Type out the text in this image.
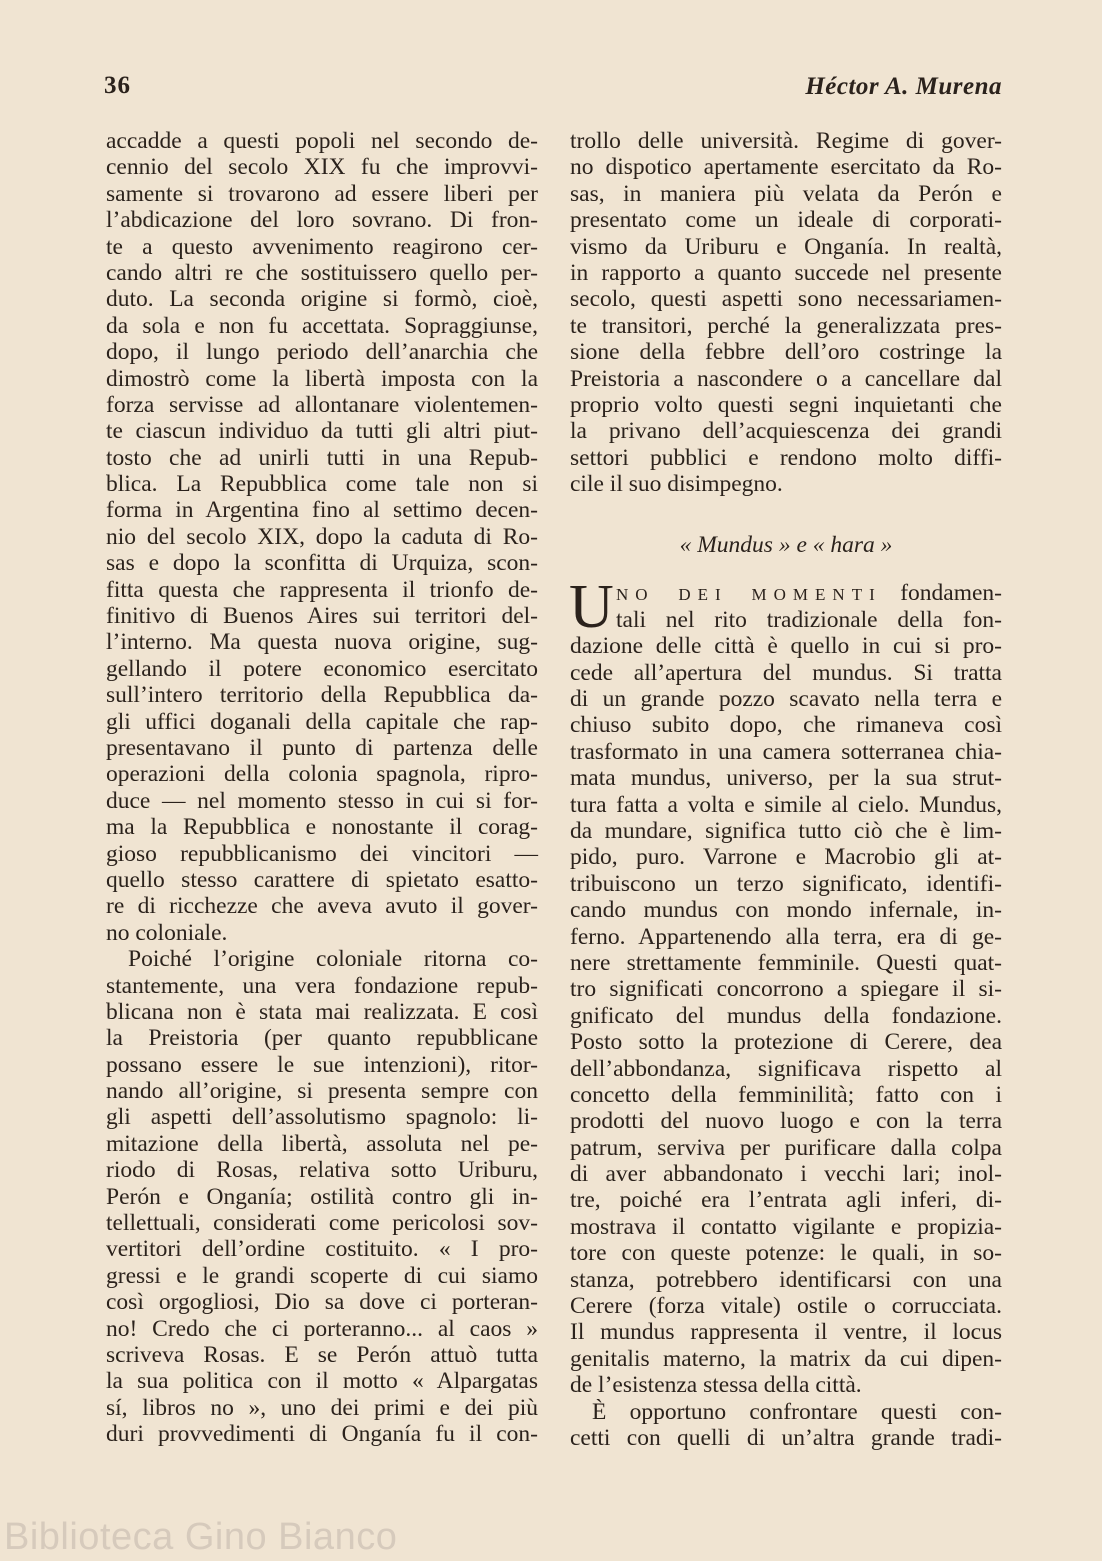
36	Héctor A. Murena
accadde a questi popoli nel secondo de-
cennio del secolo XIX fu che improvvi-
samente si trovarono ad essere liberi per
l’abdicazione del loro sovrano. Di fron-
te a questo avvenimento reagirono cer-
cando altri re che sostituissero quello per-
duto. La seconda origine si formò, cioè,
da sola e non fu accettata. Sopraggiunse,
dopo, il lungo periodo dell’anarchia che
dimostrò come la libertà imposta con la
forza servisse ad allontanare violentemen-
te ciascun individuo da tutti gli altri piut-
tosto che ad unirli tutti in una Repub-
blica. La Repubblica come tale non si
forma in Argentina fino al settimo decen-
nio del secolo XIX, dopo la caduta di Ro-
sas e dopo la sconfitta di Urquiza, scon-
fitta questa che rappresenta il trionfo de-
finitivo di Buenos Aires sui territori del-
l’interno. Ma questa nuova origine, sug-
gellando il potere economico esercitato
sull’intero territorio della Repubblica da-
gli uffici doganali della capitale che rap-
presentavano il punto di partenza delle
operazioni della colonia spagnola, ripro-
duce — nel momento stesso in cui si for-
ma la Repubblica e nonostante il corag-
gioso repubblicanismo dei vincitori —
quello stesso carattere di spietato esatto-
re di ricchezze che aveva avuto il gover-
no coloniale.
Poiché l’origine coloniale ritorna co-
stantemente, una vera fondazione repub-
blicana non è stata mai realizzata. E così
la Preistoria (per quanto repubblicane
possano essere le sue intenzioni), ritor-
nando all’origine, si presenta sempre con
gli aspetti dell’assolutismo spagnolo: li-
mitazione della libertà, assoluta nel pe-
riodo di Rosas, relativa sotto Uriburu,
Perón e Onganía; ostilità contro gli in-
tellettuali, considerati come pericolosi sov-
vertitori dell’ordine costituito. « I pro-
gressi e le grandi scoperte di cui siamo
così orgogliosi, Dio sa dove ci porteran-
no! Credo che ci porteranno... al caos »
scriveva Rosas. E se Perón attuò tutta
la sua politica con il motto « Alpargatas
sí, libros no », uno dei primi e dei più
duri provvedimenti di Onganía fu il con-
trollo delle università. Regime di gover-
no dispotico apertamente esercitato da Ro-
sas, in maniera più velata da Perón e
presentato come un ideale di corporati-
vismo da Uriburu e Onganía. In realtà,
in rapporto a quanto succede nel presente
secolo, questi aspetti sono necessariamen-
te transitori, perché la generalizzata pres-
sione della febbre dell’oro costringe la
Preistoria a nascondere o a cancellare dal
proprio volto questi segni inquietanti che
la privano dell’acquiescenza dei grandi
settori pubblici e rendono molto diffi-
cile il suo disimpegno.
« Mundus » e « hara »
U NO DEI MOMENTI fondamen-
tali nel rito tradizionale della fon-
dazione delle città è quello in cui si pro-
cede all’apertura del mundus. Si tratta
di un grande pozzo scavato nella terra e
chiuso subito dopo, che rimaneva così
trasformato in una camera sotterranea chia-
mata mundus, universo, per la sua strut-
tura fatta a volta e simile al cielo. Mundus,
da mundare, significa tutto ciò che è lim-
pido, puro. Varrone e Macrobio gli at-
tribuiscono un terzo significato, identifi-
cando mundus con mondo infernale, in-
ferno. Appartenendo alla terra, era di ge-
nere strettamente femminile. Questi quat-
tro significati concorrono a spiegare il si-
gnificato del mundus della fondazione.
Posto sotto la protezione di Cerere, dea
dell’abbondanza, significava rispetto al
concetto della femminilità; fatto con i
prodotti del nuovo luogo e con la terra
patrum, serviva per purificare dalla colpa
di aver abbandonato i vecchi lari; inol-
tre, poiché era l’entrata agli inferi, di-
mostrava il contatto vigilante e propizia-
tore con queste potenze: le quali, in so-
stanza, potrebbero identificarsi con una
Cerere (forza vitale) ostile o corrucciata.
Il mundus rappresenta il ventre, il locus
genitalis materno, la matrix da cui dipen-
de l’esistenza stessa della città.
È opportuno confrontare questi con-
cetti con quelli di un’altra grande tradi-
Biblioteca Gino Bianco
